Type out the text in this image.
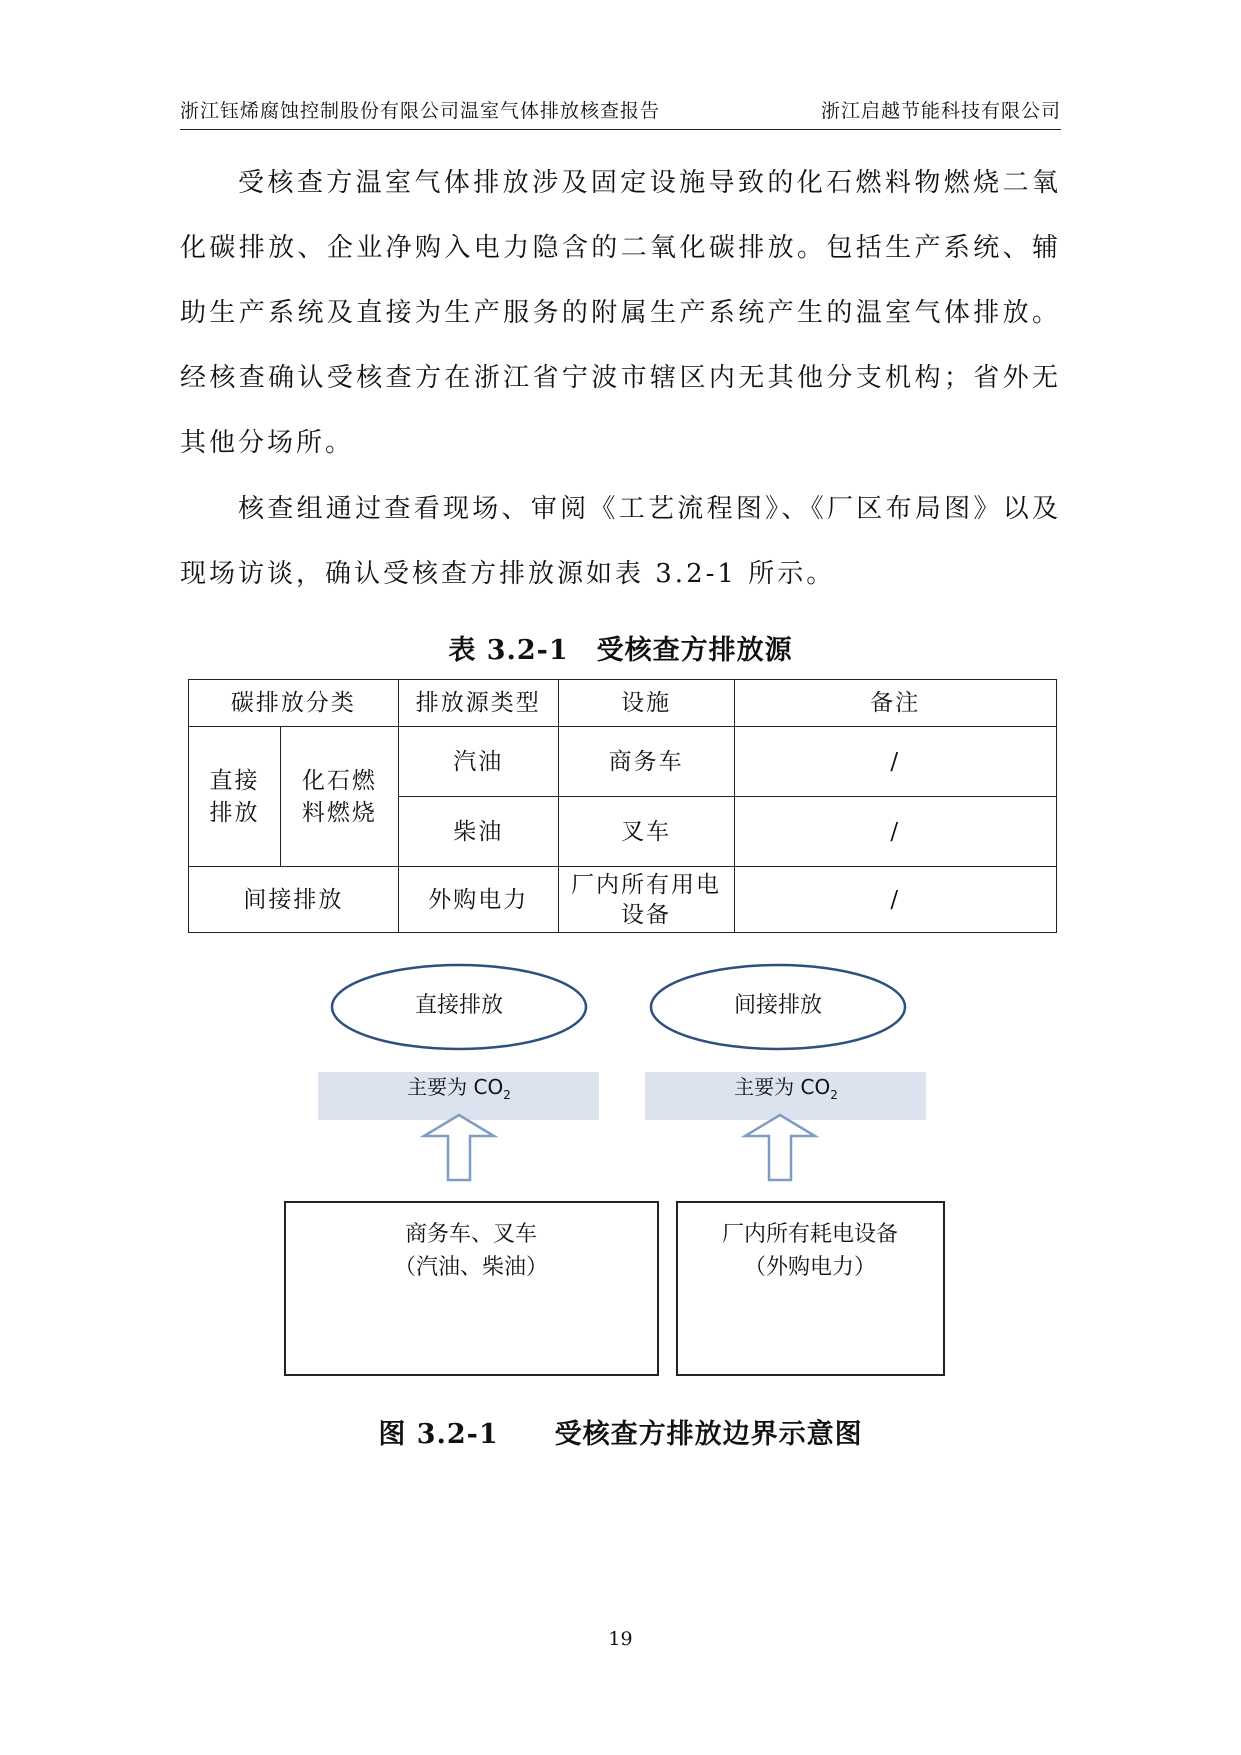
浙江钰烯腐蚀控制股份有限公司温室气体排放核查报告	浙江启越节能科技有限公司

受核查方温室气体排放涉及固定设施导致的化石燃料物燃烧二氧化碳排放、企业净购入电力隐含的二氧化碳排放。包括生产系统、辅助生产系统及直接为生产服务的附属生产系统产生的温室气体排放。经核查确认受核查方在浙江省宁波市辖区内无其他分支机构；省外无其他分场所。

核查组通过查看现场、审阅《工艺流程图》、《厂区布局图》以及现场访谈，确认受核查方排放源如表 3.2-1 所示。

表 3.2-1　受核查方排放源
碳排放分类		排放源类型	设施	备注

直接排放	化石燃料燃烧	汽油	商务车	/
		柴油	叉车	/
间接排放		外购电力	厂内所有用电设备	/
直接排放
主要为 $CO_2$
商务车、叉车
（汽油、柴油）
间接排放
主要为 $CO_2$
厂内所有耗电设备
（外购电力）
图 3.2-1　　受核查方排放边界示意图
19
